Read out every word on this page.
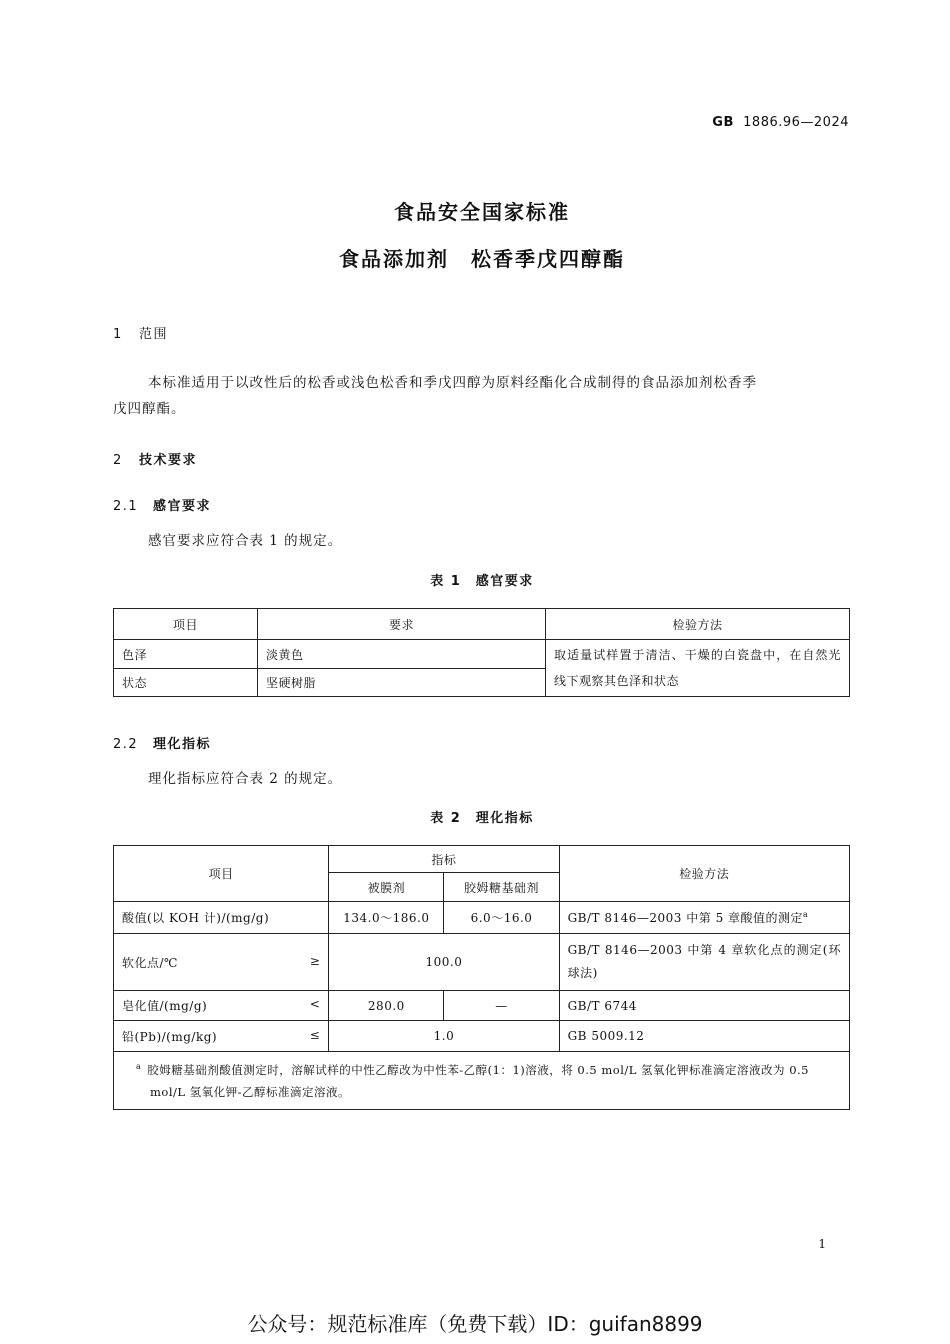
GB 1886.96—2024
食品安全国家标准
食品添加剂　松香季戊四醇酯
1 范围
本标准适用于以改性后的松香或浅色松香和季戊四醇为原料经酯化合成制得的食品添加剂松香季
戊四醇酯。
2 技术要求
2.1 感官要求
感官要求应符合表 1 的规定。
表 1　感官要求
项目	要求	检验方法
色泽	淡黄色	取适量试样置于清洁、干燥的白瓷盘中，在自然光线下观察其色泽和状态
状态	坚硬树脂	
2.2 理化指标
理化指标应符合表 2 的规定。
表 2　理化指标
项目	指标		检验方法
	被膜剂	胶姆糖基础剂	
酸值(以 KOH 计)/(mg/g)	134.0～186.0	6.0～16.0	GB/T 8146—2003 中第 5 章酸值的测定$^a$
软化点/℃ ≥	100.0		GB/T 8146—2003 中第 4 章软化点的测定(环球法)
皂化值/(mg/g) <	280.0	—	GB/T 6744
铅(Pb)/(mg/kg) ≤	1.0		GB 5009.12
$^a$ 胶姆糖基础剂酸值测定时，溶解试样的中性乙醇改为中性苯-乙醇(1：1)溶液，将 0.5 mol/L 氢氧化钾标准滴定溶液改为 0.5 mol/L 氢氧化钾-乙醇标准滴定溶液。			
1
公众号：规范标准库（免费下载）ID：guifan8899
